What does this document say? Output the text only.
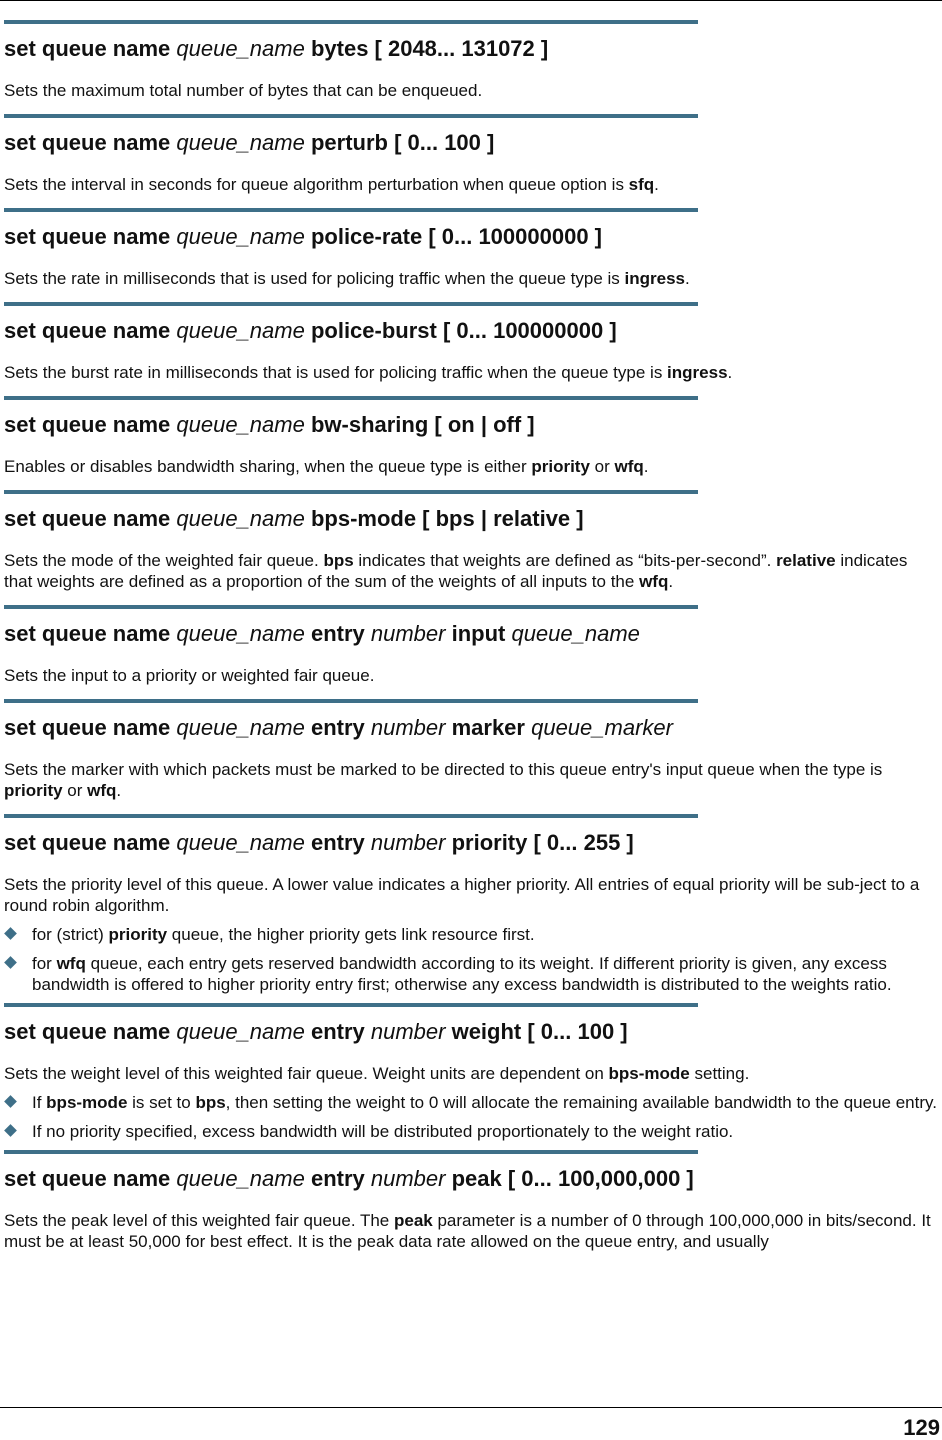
set queue name queue_name bytes [ 2048... 131072 ]
Sets the maximum total number of bytes that can be enqueued.
set queue name queue_name perturb [ 0... 100 ]
Sets the interval in seconds for queue algorithm perturbation when queue option is sfq.
set queue name queue_name police-rate [ 0... 100000000 ]
Sets the rate in milliseconds that is used for policing traffic when the queue type is ingress.
set queue name queue_name police-burst [ 0... 100000000 ]
Sets the burst rate in milliseconds that is used for policing traffic when the queue type is ingress.
set queue name queue_name bw-sharing [ on | off ]
Enables or disables bandwidth sharing, when the queue type is either priority or wfq.
set queue name queue_name bps-mode [ bps | relative ]
Sets the mode of the weighted fair queue. bps indicates that weights are defined as “bits-per-second”. relative indicates that weights are defined as a proportion of the sum of the weights of all inputs to the wfq.
set queue name queue_name entry number input queue_name
Sets the input to a priority or weighted fair queue.
set queue name queue_name entry number marker queue_marker
Sets the marker with which packets must be marked to be directed to this queue entry's input queue when the type is priority or wfq.
set queue name queue_name entry number priority [ 0... 255 ]
Sets the priority level of this queue. A lower value indicates a higher priority. All entries of equal priority will be sub-ject to a round robin algorithm.
for (strict) priority queue, the higher priority gets link resource first.
for wfq queue, each entry gets reserved bandwidth according to its weight. If different priority is given, any excess bandwidth is offered to higher priority entry first; otherwise any excess bandwidth is distributed to the weights ratio.
set queue name queue_name entry number weight [ 0... 100 ]
Sets the weight level of this weighted fair queue. Weight units are dependent on bps-mode setting.
If bps-mode is set to bps, then setting the weight to 0 will allocate the remaining available bandwidth to the queue entry.
If no priority specified, excess bandwidth will be distributed proportionately to the weight ratio.
set queue name queue_name entry number peak [ 0... 100,000,000 ]
Sets the peak level of this weighted fair queue. The peak parameter is a number of 0 through 100,000,000 in bits/second. It must be at least 50,000 for best effect. It is the peak data rate allowed on the queue entry, and usually
129
